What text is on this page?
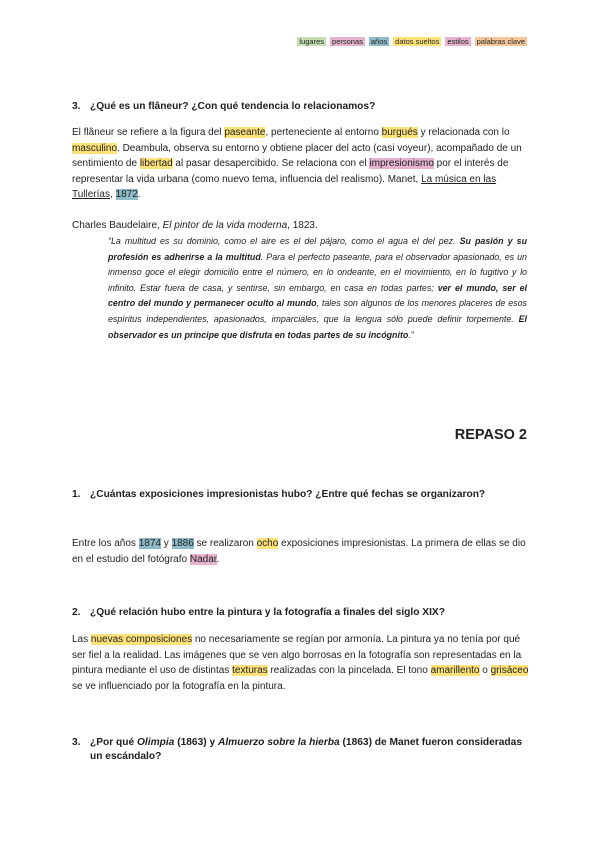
lugares personas años datos sueltos estilos palabras clave
3. ¿Qué es un flâneur? ¿Con qué tendencia lo relacionamos?
El flâneur se refiere a la figura del paseante, perteneciente al entorno burgués y relacionada con lo masculino. Deambula, observa su entorno y obtiene placer del acto (casi voyeur), acompañado de un sentimiento de libertad al pasar desapercibido. Se relaciona con el impresionismo por el interés de representar la vida urbana (como nuevo tema, influencia del realismo). Manet, La música en las Tullerías, 1872.
Charles Baudelaire, El pintor de la vida moderna, 1823.
“La multitud es su dominio, como el aire es el del pájaro, como el agua el del pez. Su pasión y su profesión es adherirse a la multitud. Para el perfecto paseante, para el observador apasionado, es un inmenso goce el elegir domicilio entre el número, en lo ondeante, en el movimiento, en lo fugitivo y lo infinito. Estar fuera de casa, y sentirse, sin embargo, en casa en todas partes; ver el mundo, ser el centro del mundo y permanecer oculto al mundo, tales son algunos de los menores placeres de esos espíritus independientes, apasionados, imparciales, que la lengua sólo puede definir torpemente. El observador es un príncipe que disfruta en todas partes de su incógnito.”
REPASO 2
1. ¿Cuántas exposiciones impresionistas hubo? ¿Entre qué fechas se organizaron?
Entre los años 1874 y 1886 se realizaron ocho exposiciones impresionistas. La primera de ellas se dio en el estudio del fotógrafo Nadar.
2. ¿Qué relación hubo entre la pintura y la fotografía a finales del siglo XIX?
Las nuevas composiciones no necesariamente se regían por armonía. La pintura ya no tenía por qué ser fiel a la realidad. Las imágenes que se ven algo borrosas en la fotografía son representadas en la pintura mediante el uso de distintas texturas realizadas con la pincelada. El tono amarillento o grisáceo se ve influenciado por la fotografía en la pintura.
3. ¿Por qué Olimpia (1863) y Almuerzo sobre la hierba (1863) de Manet fueron consideradas un escándalo?
